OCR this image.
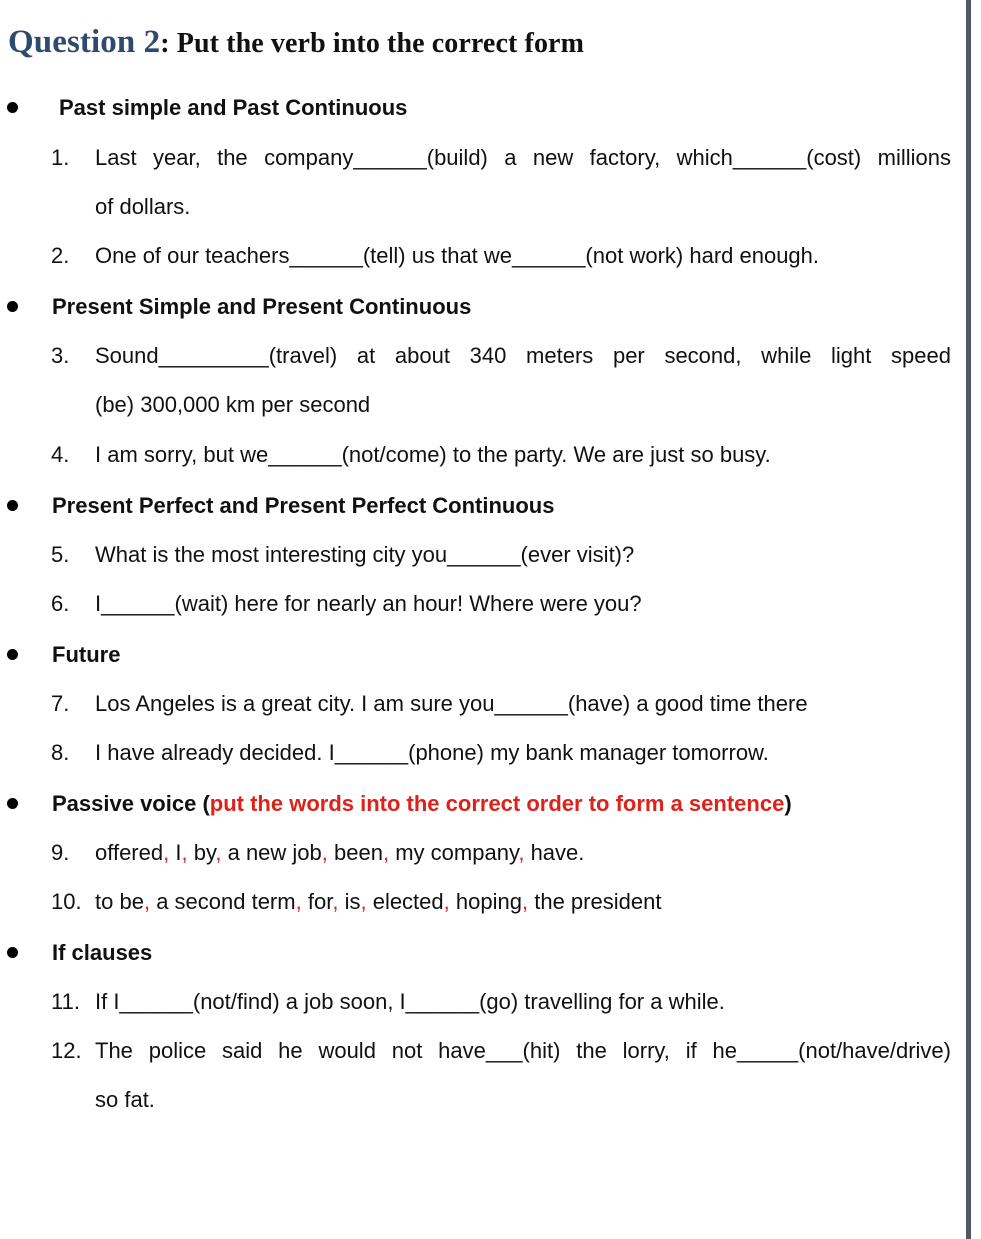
Question 2: Put the verb into the correct form
Past simple and Past Continuous
1. Last year, the company______(build) a new factory, which______(cost) millions
of dollars.
2. One of our teachers______(tell) us that we______(not work) hard enough.
Present Simple and Present Continuous
3. Sound_________(travel) at about 340 meters per second, while light speed
(be) 300,000 km per second
4. I am sorry, but we______(not/come) to the party. We are just so busy.
Present Perfect and Present Perfect Continuous
5. What is the most interesting city you______(ever visit)?
6. I______(wait) here for nearly an hour! Where were you?
Future
7. Los Angeles is a great city. I am sure you______(have) a good time there
8. I have already decided. I______(phone) my bank manager tomorrow.
Passive voice (put the words into the correct order to form a sentence)
9. offered, I, by, a new job, been, my company, have.
10. to be, a second term, for, is, elected, hoping, the president
If clauses
11. If I______(not/find) a job soon, I______(go) travelling for a while.
12. The police said he would not have___(hit) the lorry, if he_____(not/have/drive)
so fat.
